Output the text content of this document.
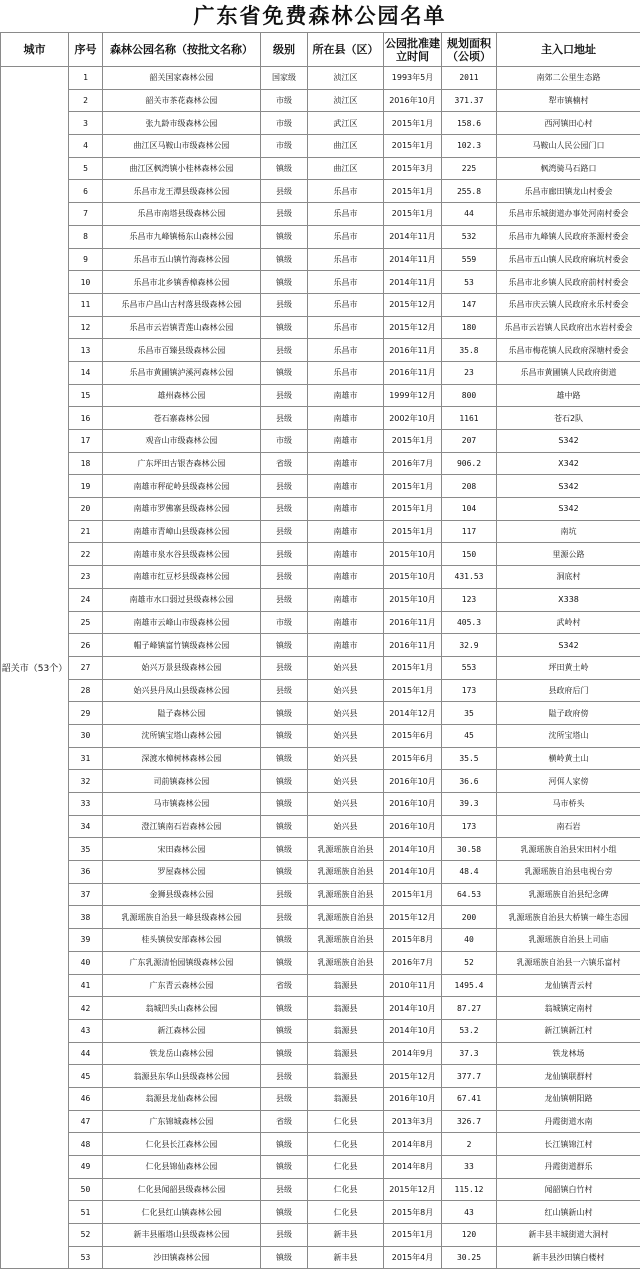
广东省免费森林公园名单
城市	序号	森林公园名称（按批文名称）	级别	所在县（区）	公园批准建立时间	规划面积（公顷）	主入口地址
韶关市（53个）	1	韶关国家森林公园	国家级	浈江区	1993年5月	2011	南郊二公里生态路
	2	韶关市茶花森林公园	市级	浈江区	2016年10月	371.37	犁市镇楠村
	3	张九龄市级森林公园	市级	武江区	2015年1月	158.6	西河镇田心村
	4	曲江区马鞍山市级森林公园	市级	曲江区	2015年1月	102.3	马鞍山人民公园门口
	5	曲江区枫湾镇小桂林森林公园	镇级	曲江区	2015年3月	225	枫湾骑马石路口
	6	乐昌市龙王潭县级森林公园	县级	乐昌市	2015年1月	255.8	乐昌市廊田镇龙山村委会
	7	乐昌市南塔县级森林公园	县级	乐昌市	2015年1月	44	乐昌市乐城街道办事处河南村委会
	8	乐昌市九峰镇杨东山森林公园	镇级	乐昌市	2014年11月	532	乐昌市九峰镇人民政府茶源村委会
	9	乐昌市五山镇竹海森林公园	镇级	乐昌市	2014年11月	559	乐昌市五山镇人民政府麻坑村委会
	10	乐昌市北乡镇香樟森林公园	镇级	乐昌市	2014年11月	53	乐昌市北乡镇人民政府前村村委会
	11	乐昌市户昌山古村落县级森林公园	县级	乐昌市	2015年12月	147	乐昌市庆云镇人民政府永乐村委会
	12	乐昌市云岩镇青莲山森林公园	镇级	乐昌市	2015年12月	180	乐昌市云岩镇人民政府出水岩村委会
	13	乐昌市百臻县级森林公园	县级	乐昌市	2016年11月	35.8	乐昌市梅花镇人民政府深塘村委会
	14	乐昌市黄圃镇泸溪河森林公园	镇级	乐昌市	2016年11月	23	乐昌市黄圃镇人民政府街道
	15	雄州森林公园	县级	南雄市	1999年12月	800	雄中路
	16	苍石寨森林公园	县级	南雄市	2002年10月	1161	苍石2队
	17	观音山市级森林公园	市级	南雄市	2015年1月	207	S342
	18	广东坪田古银杏森林公园	省级	南雄市	2016年7月	906.2	X342
	19	南雄市秤砣岭县级森林公园	县级	南雄市	2015年1月	208	S342
	20	南雄市罗佛寨县级森林公园	县级	南雄市	2015年1月	104	S342
	21	南雄市青嶂山县级森林公园	县级	南雄市	2015年1月	117	南坑
	22	南雄市泉水谷县级森林公园	县级	南雄市	2015年10月	150	里源公路
	23	南雄市红豆杉县级森林公园	县级	南雄市	2015年10月	431.53	洞底村
	24	南雄市水口弱过县级森林公园	县级	南雄市	2015年10月	123	X338
	25	南雄市云峰山市级森林公园	市级	南雄市	2016年11月	405.3	武岭村
	26	帽子峰镇富竹镇级森林公园	镇级	南雄市	2016年11月	32.9	S342
	27	始兴万景县级森林公园	县级	始兴县	2015年1月	553	坪田黄土岭
	28	始兴县丹凤山县级森林公园	县级	始兴县	2015年1月	173	县政府后门
	29	隘子森林公园	镇级	始兴县	2014年12月	35	隘子政府傍
	30	沈所镇宝塔山森林公园	镇级	始兴县	2015年6月	45	沈所宝塔山
	31	深渡水樟树林森林公园	镇级	始兴县	2015年6月	35.5	横岭黄土山
	32	司前镇森林公园	镇级	始兴县	2016年10月	36.6	河佴人家傍
	33	马市镇森林公园	镇级	始兴县	2016年10月	39.3	马市桥头
	34	澄江镇南石岩森林公园	镇级	始兴县	2016年10月	173	南石岩
	35	宋田森林公园	镇级	乳源瑶族自治县	2014年10月	30.58	乳源瑶族自治县宋田村小组
	36	罗屋森林公园	镇级	乳源瑶族自治县	2014年10月	48.4	乳源瑶族自治县电视台旁
	37	金狮县级森林公园	县级	乳源瑶族自治县	2015年1月	64.53	乳源瑶族自治县纪念碑
	38	乳源瑶族自治县一峰县级森林公园	县级	乳源瑶族自治县	2015年12月	200	乳源瑶族自治县大桥镇一峰生态园
	39	桂头镇侯安部森林公园	镇级	乳源瑶族自治县	2015年8月	40	乳源瑶族自治县上司庙
	40	广东乳源清怡园镇级森林公园	镇级	乳源瑶族自治县	2016年7月	52	乳源瑶族自治县一六镇乐富村
	41	广东青云森林公园	省级	翁源县	2010年11月	1495.4	龙仙镇青云村
	42	翁城凹头山森林公园	镇级	翁源县	2014年10月	87.27	翁城镇定南村
	43	新江森林公园	镇级	翁源县	2014年10月	53.2	新江镇新江村
	44	铁龙岳山森林公园	镇级	翁源县	2014年9月	37.3	铁龙林场
	45	翁源县东华山县级森林公园	县级	翁源县	2015年12月	377.7	龙仙镇联群村
	46	翁源县龙仙森林公园	县级	翁源县	2016年10月	67.41	龙仙镇朝阳路
	47	广东锦城森林公园	省级	仁化县	2013年3月	326.7	丹霞街道水南
	48	仁化县长江森林公园	镇级	仁化县	2014年8月	2	长江镇锦江村
	49	仁化县锦仙森林公园	镇级	仁化县	2014年8月	33	丹霞街道群乐
	50	仁化县闻韶县级森林公园	县级	仁化县	2015年12月	115.12	闻韶镇白竹村
	51	仁化县红山镇森林公园	镇级	仁化县	2015年8月	43	红山镇新山村
	52	新丰县雁塔山县级森林公园	县级	新丰县	2015年1月	120	新丰县丰城街道大洞村
	53	沙田镇森林公园	镇级	新丰县	2015年4月	30.25	新丰县沙田镇白楼村
